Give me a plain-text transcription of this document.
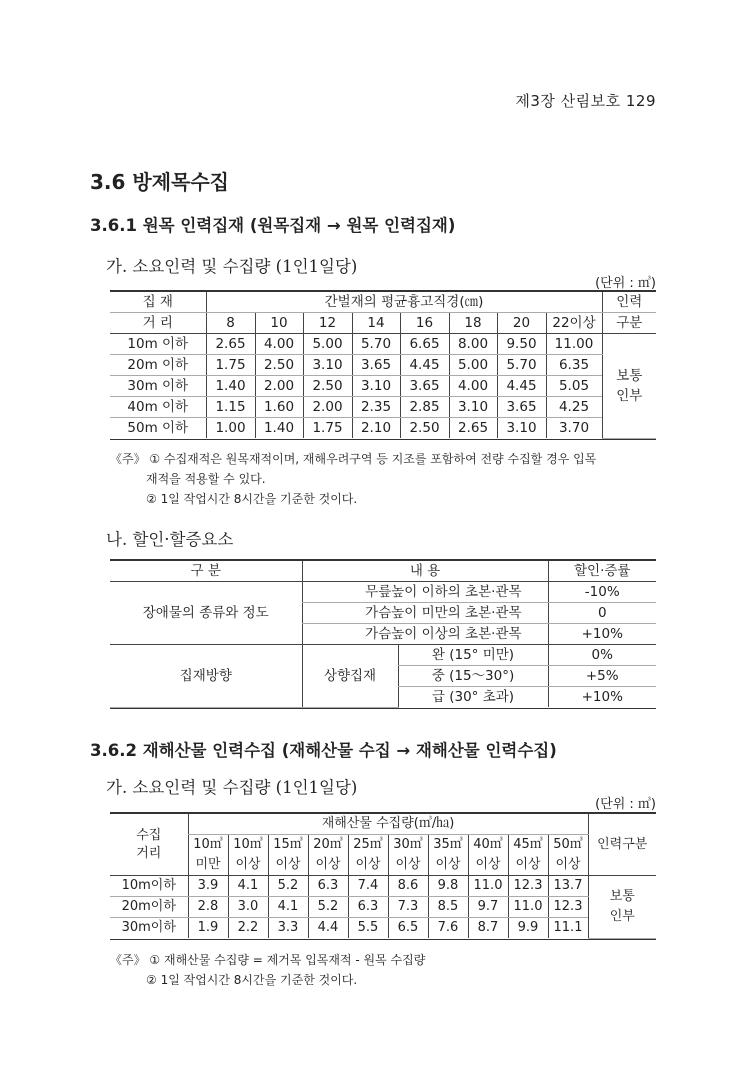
제3장 산림보호 129
3.6 방제목수집
3.6.1 원목 인력집재 (원목집재 → 원목 인력집재)
가. 소요인력 및 수집량 (1인1일당)
(단위 : ㎥)
집 재	간벌재의 평균흉고직경(㎝)								인력
거 리	8	10	12	14	16	18	20	22이상	구분
10m 이하	2.65	4.00	5.00	5.70	6.65	8.00	9.50	11.00	보통
인부

20m 이하	1.75	2.50	3.10	3.65	4.45	5.00	5.70	6.35	
30m 이하	1.40	2.00	2.50	3.10	3.65	4.00	4.45	5.05	
40m 이하	1.15	1.60	2.00	2.35	2.85	3.10	3.65	4.25	
50m 이하	1.00	1.40	1.75	2.10	2.50	2.65	3.10	3.70	
《주》 ① 수집재적은 원목재적이며, 재해우려구역 등 지조를 포함하여 전량 수집할 경우 입목
재적을 적용할 수 있다.
② 1일 작업시간 8시간을 기준한 것이다.
나. 할인·할증요소
구 분	내 용		할인·증률
장애물의 종류와 정도	무릎높이 이하의 초본·관목		-10%
	가슴높이 미만의 초본·관목		0
	가슴높이 이상의 초본·관목		+10%
집재방향	상향집재	완 (15° 미만)	0%
		중 (15～30°)	+5%
		급 (30° 초과)	+10%
3.6.2 재해산물 인력수집 (재해산물 수집 → 재해산물 인력수집)
가. 소요인력 및 수집량 (1인1일당)
(단위 : ㎥)
수집
거리	재해산물 수집량(㎥/㏊)										인력구분
	10㎥	10㎥	15㎥	20㎥	25㎥	30㎥	35㎥	40㎥	45㎥	50㎥	
	미만	이상	이상	이상	이상	이상	이상	이상	이상	이상	
10m이하	3.9	4.1	5.2	6.3	7.4	8.6	9.8	11.0	12.3	13.7	보통
인부

20m이하	2.8	3.0	4.1	5.2	6.3	7.3	8.5	9.7	11.0	12.3	
30m이하	1.9	2.2	3.3	4.4	5.5	6.5	7.6	8.7	9.9	11.1	
《주》 ① 재해산물 수집량 = 제거목 입목재적 - 원목 수집량
② 1일 작업시간 8시간을 기준한 것이다.
